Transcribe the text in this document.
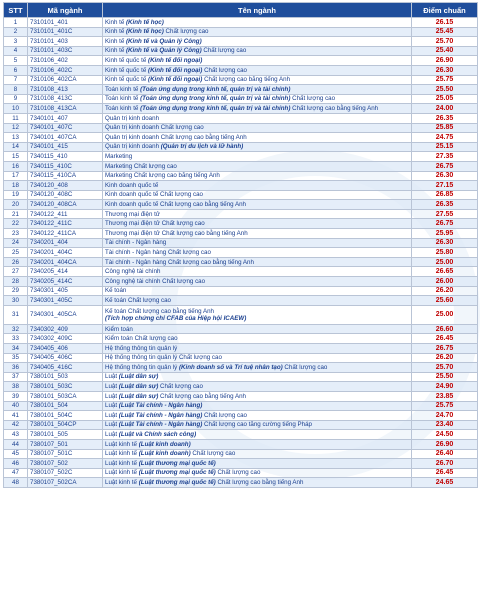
STT	Mã ngành	Tên ngành	Điểm chuẩn
1	7310101_401	Kinh tế (Kinh tế học)	26.15
2	7310101_401C	Kinh tế (Kinh tế học) Chất lượng cao	25.45
3	7310101_403	Kinh tế (Kinh tế và Quản lý Công)	25.70
4	7310101_403C	Kinh tế (Kinh tế và Quản lý Công) Chất lượng cao	25.40
5	7310106_402	Kinh tế quốc tế (Kinh tế đối ngoại)	26.90
6	7310106_402C	Kinh tế quốc tế (Kinh tế đối ngoại) Chất lượng cao	26.30
7	7310106_402CA	Kinh tế quốc tế (Kinh tế đối ngoại) Chất lượng cao bằng tiếng Anh	25.75
8	7310108_413	Toán kinh tế (Toán ứng dụng trong kinh tế, quản trị và tài chính)	25.50
9	7310108_413C	Toán kinh tế (Toán ứng dụng trong kinh tế, quản trị và tài chính) Chất lượng cao	25.05
10	7310108_413CA	Toán kinh tế (Toán ứng dụng trong kinh tế, quản trị và tài chính) Chất lượng cao bằng tiếng Anh	24.00
11	7340101_407	Quản trị kinh doanh	26.35
12	7340101_407C	Quản trị kinh doanh Chất lượng cao	25.85
13	7340101_407CA	Quản trị kinh doanh Chất lượng cao bằng tiếng Anh	24.75
14	7340101_415	Quản trị kinh doanh (Quản trị du lịch và lữ hành)	25.15
15	7340115_410	Marketing	27.35
16	7340115_410C	Marketing Chất lượng cao	26.75
17	7340115_410CA	Marketing Chất lượng cao bằng tiếng Anh	26.30
18	7340120_408	Kinh doanh quốc tế	27.15
19	7340120_408C	Kinh doanh quốc tế Chất lượng cao	26.85
20	7340120_408CA	Kinh doanh quốc tế Chất lượng cao bằng tiếng Anh	26.35
21	7340122_411	Thương mại điện tử	27.55
22	7340122_411C	Thương mại điện tử Chất lượng cao	26.75
23	7340122_411CA	Thương mại điện tử Chất lượng cao bằng tiếng Anh	25.95
24	7340201_404	Tài chính - Ngân hàng	26.30
25	7340201_404C	Tài chính - Ngân hàng Chất lượng cao	25.80
26	7340201_404CA	Tài chính - Ngân hàng Chất lượng cao bằng tiếng Anh	25.00
27	7340205_414	Công nghệ tài chính	26.65
28	7340205_414C	Công nghệ tài chính Chất lượng cao	26.00
29	7340301_405	Kế toán	26.20
30	7340301_405C	Kế toán Chất lượng cao	25.60
31	7340301_405CA	Kế toán Chất lượng cao bằng tiếng Anh
(Tích hợp chứng chỉ CFAB của Hiệp hội ICAEW)	25.00
32	7340302_409	Kiểm toán	26.60
33	7340302_409C	Kiểm toán Chất lượng cao	26.45
34	7340405_406	Hệ thống thông tin quản lý	26.75
35	7340405_406C	Hệ thống thông tin quản lý Chất lượng cao	26.20
36	7340405_416C	Hệ thống thông tin quản lý (Kinh doanh số và Trí tuệ nhân tạo) Chất lượng cao	25.70
37	7380101_503	Luật (Luật dân sự)	25.50
38	7380101_503C	Luật (Luật dân sự) Chất lượng cao	24.90
39	7380101_503CA	Luật (Luật dân sự) Chất lượng cao bằng tiếng Anh	23.85
40	7380101_504	Luật (Luật Tài chính - Ngân hàng)	25.75
41	7380101_504C	Luật (Luật Tài chính - Ngân hàng) Chất lượng cao	24.70
42	7380101_504CP	Luật (Luật Tài chính - Ngân hàng) Chất lượng cao tăng cường tiếng Pháp	23.40
43	7380101_505	Luật (Luật và Chính sách công)	24.50
44	7380107_501	Luật kinh tế (Luật kinh doanh)	26.90
45	7380107_501C	Luật kinh tế (Luật kinh doanh) Chất lượng cao	26.40
46	7380107_502	Luật kinh tế (Luật thương mại quốc tế)	26.70
47	7380107_502C	Luật kinh tế (Luật thương mại quốc tế) Chất lượng cao	26.45
48	7380107_502CA	Luật kinh tế (Luật thương mại quốc tế) Chất lượng cao bằng tiếng Anh	24.65
